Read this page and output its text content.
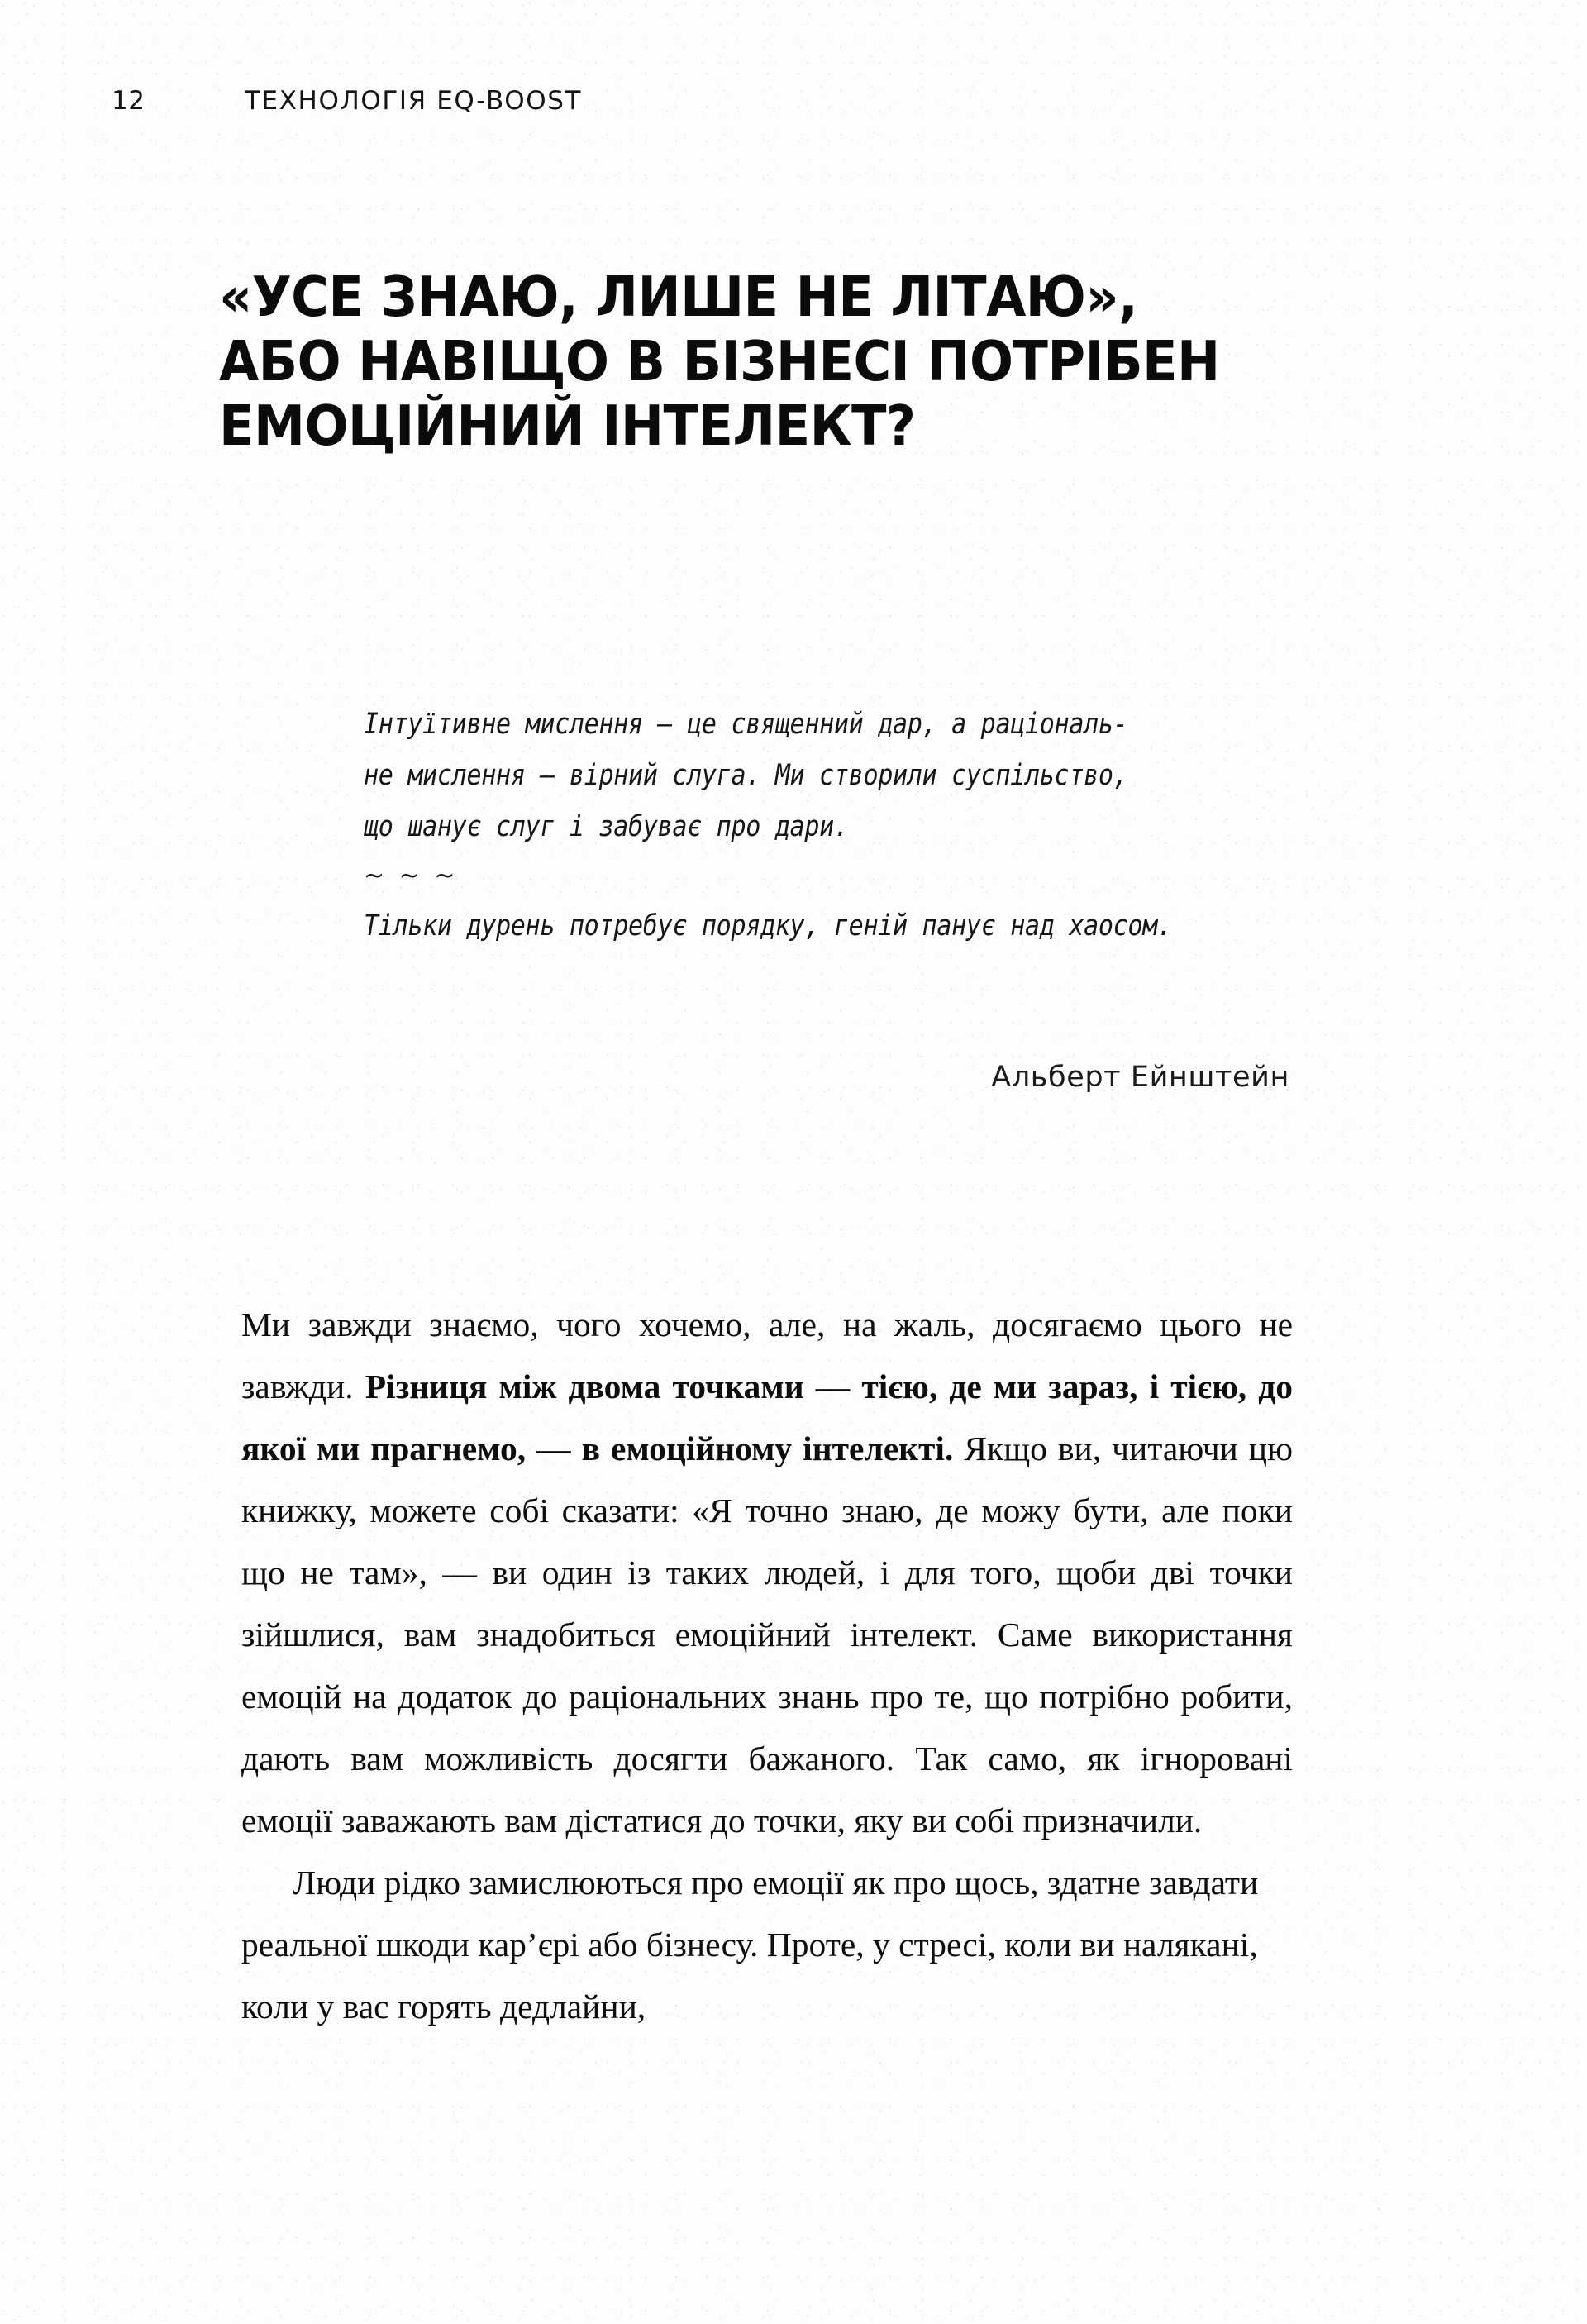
12	ТЕХНОЛОГІЯ EQ-BOOST
«УСЕ ЗНАЮ, ЛИШЕ НЕ ЛІТАЮ»,
АБО НАВІЩО В БІЗНЕСІ ПОТРІБЕН
ЕМОЦІЙНИЙ ІНТЕЛЕКТ?
Інтуїтивне мислення — це священний дар, а раціональ-
не мислення — вірний слуга. Ми створили суспільство,
що шанує слуг і забуває про дари.
~ ~ ~
Тільки дурень потребує порядку, геній панує над хаосом.
Альберт Ейнштейн

Ми завжди знаємо, чого хочемо, але, на жаль, досягаємо цього не завжди. Різниця між двома точками — тією, де ми зараз, і тією, до якої ми прагнемо, — в емоційному інтелекті. Якщо ви, читаючи цю книжку, можете собі сказати: «Я точно знаю, де можу бути, але поки що не там», — ви один із таких людей, і для того, щоби дві точки зійшлися, вам знадобиться емоційний інтелект. Саме використання емоцій на додаток до раціональних знань про те, що потрібно робити, дають вам можливість досягти бажаного. Так само, як ігноровані емоції заважають вам дістатися до точки, яку ви собі призначили.

Люди рідко замислюються про емоції як про щось, здатне завдати реальної шкоди кар’єрі або бізнесу. Проте, у стресі, коли ви налякані, коли у вас горять дедлайни,
